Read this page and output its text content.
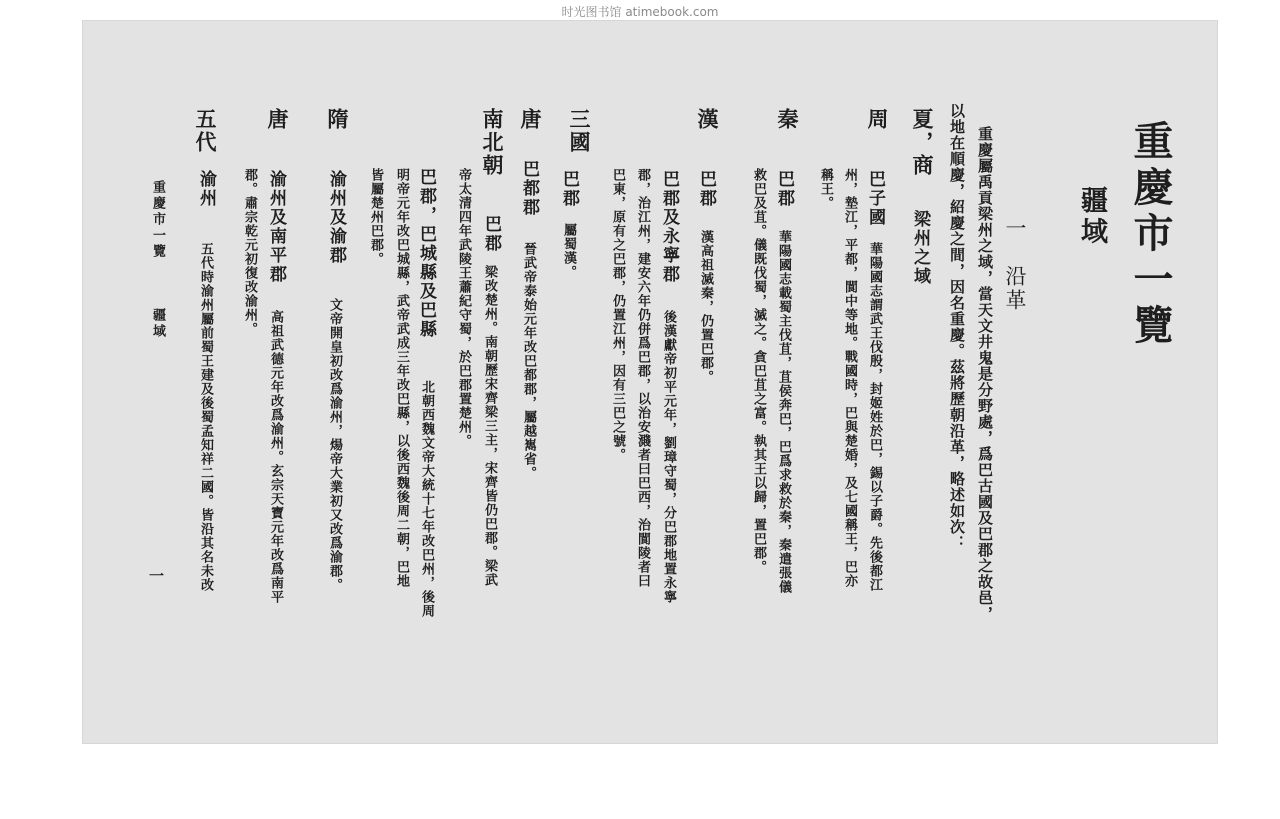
时光图书馆 atimebook.com
重慶市一覽
疆域
一　沿革
重慶屬禹貢梁州之域，當天文井鬼是分野處，爲巴古國及巴郡之故邑，
以地在順慶，紹慶之間，因名重慶。茲將歷朝沿革，略述如次：
夏，商
梁州之域
周
巴子國
華陽國志謂武王伐殷，封姬姓於巴，錫以子爵。先後都江
州，墊江，平都，閬中等地。戰國時，巴與楚婚，及七國稱王，巴亦
稱王。
秦
巴郡
華陽國志載蜀主伐苴，苴侯奔巴，巴爲求救於秦，秦遣張儀
救巴及苴。儀既伐蜀，滅之。貪巴苴之富。執其王以歸，置巴郡。
漢
巴郡
漢高祖滅秦，仍置巴郡。
巴郡及永寧郡
後漢獻帝初平元年，劉璋守蜀，分巴郡地置永寧
郡，治江州，建安六年仍併爲巴郡，以治安濺者曰巴西，治閬陵者曰
巴東，原有之巴郡，仍置江州，因有三巴之號。
三國
巴郡
屬蜀漢。
唐
巴都郡
晉武帝泰始元年改巴都郡，屬越嶲省。
南北朝
巴郡
梁改楚州。南朝歷宋齊梁三主，宋齊皆仍巴郡。梁武
帝太清四年武陵王蕭紀守蜀，於巴郡置楚州。
巴郡，巴城縣及巴縣
北朝西魏文帝大統十七年改巴州，後周
明帝元年改巴城縣，武帝武成三年改巴縣，以後西魏後周二朝，巴地
皆屬楚州巴郡。
隋
渝州及渝郡
文帝開皇初改爲渝州，煬帝大業初又改爲渝郡。
唐
渝州及南平郡
高祖武德元年改爲渝州。玄宗天寶元年改爲南平
郡。肅宗乾元初復改渝州。
五代
渝州
五代時渝州屬前蜀王建及後蜀孟知祥二國。皆沿其名未改
重慶市一覽
疆域
一
